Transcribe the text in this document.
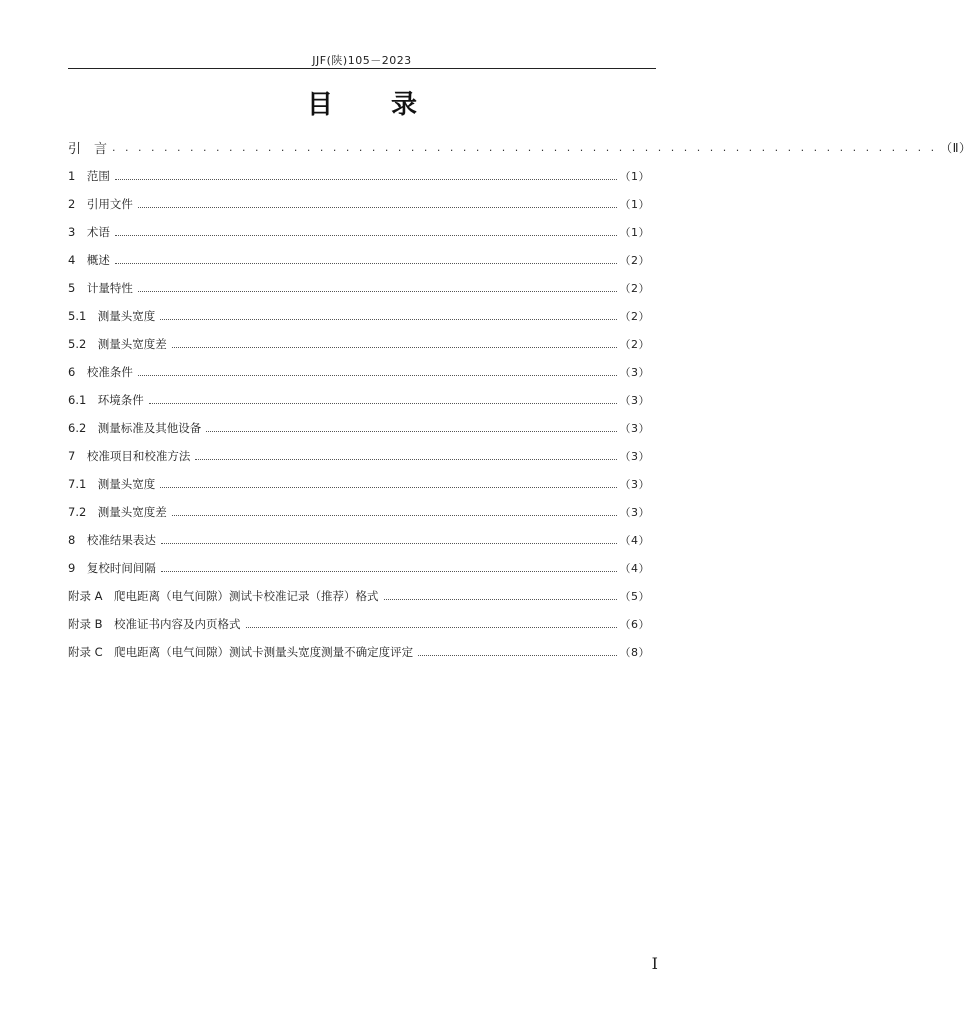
JJF(陕)105－2023
目 录
引　言 . . . . . . . . . . . . . . . . . . . . . . . . . . . . . . . . . . . . . . . . . . . . . . . . . . . . . . . . . . . . . . . . （Ⅱ）
1　范围	（1）
2　引用文件	（1）
3　术语	（1）
4　概述	（2）
5　计量特性	（2）
5.1　测量头宽度	（2）
5.2　测量头宽度差	（2）
6　校准条件	（3）
6.1　环境条件	（3）
6.2　测量标准及其他设备	（3）
7　校准项目和校准方法	（3）
7.1　测量头宽度	（3）
7.2　测量头宽度差	（3）
8　校准结果表达	（4）
9　复校时间间隔	（4）
附录 A　爬电距离（电气间隙）测试卡校准记录（推荐）格式	（5）
附录 B　校准证书内容及内页格式	（6）
附录 C　爬电距离（电气间隙）测试卡测量头宽度测量不确定度评定	（8）
I
